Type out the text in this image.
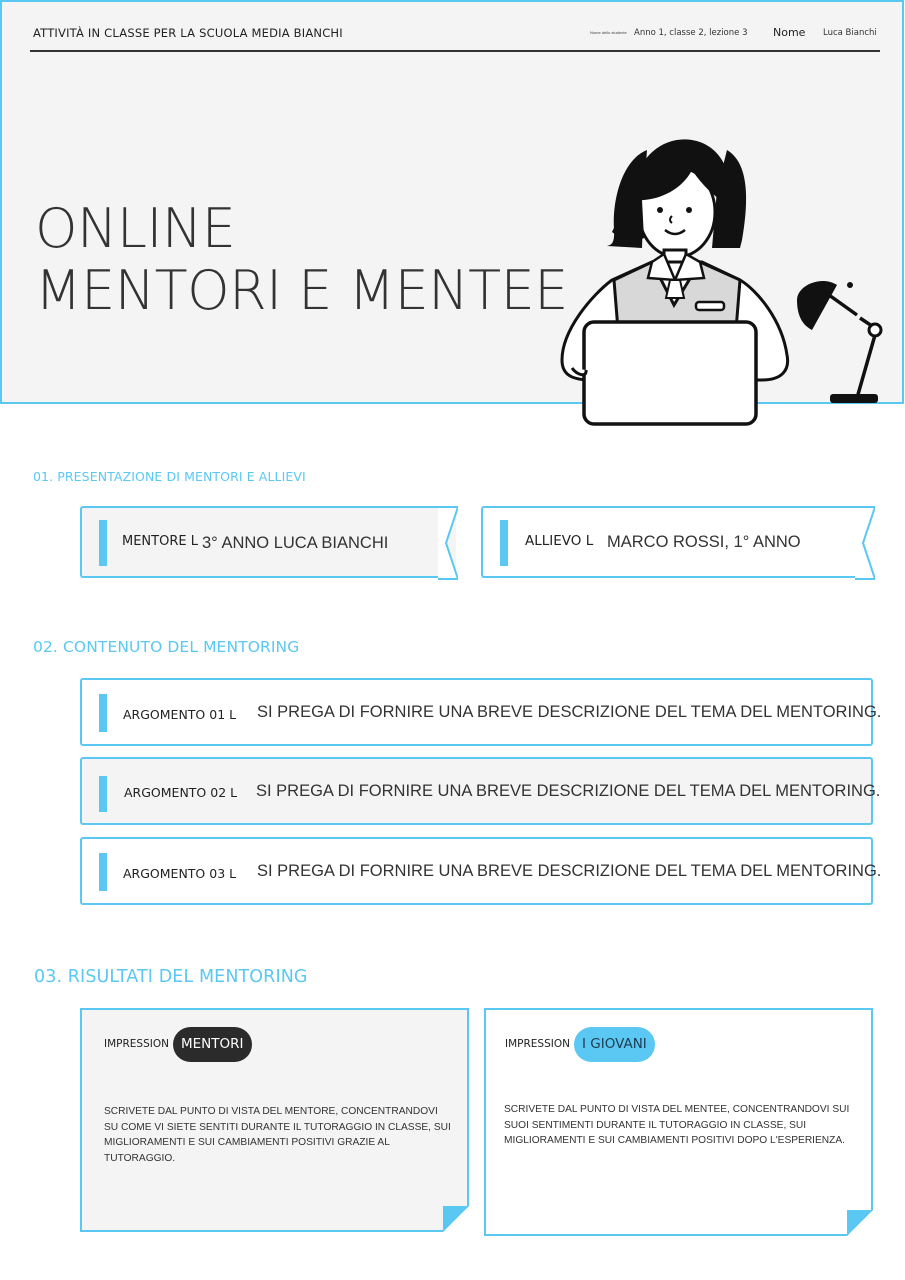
ATTIVITÀ IN CLASSE PER LA SCUOLA MEDIA BIANCHI	Nome dello studente Anno 1, classe 2, lezione 3 Nome Luca Bianchi
ONLINE
MENTORI E MENTEE
01. PRESENTAZIONE DI MENTORI E ALLIEVI
MENTORE L 3° ANNO LUCA BIANCHI	ALLIEVO L MARCO ROSSI, 1° ANNO
02. CONTENUTO DEL MENTORING
ARGOMENTO 01 L SI PREGA DI FORNIRE UNA BREVE DESCRIZIONE DEL TEMA DEL MENTORING.
ARGOMENTO 02 L SI PREGA DI FORNIRE UNA BREVE DESCRIZIONE DEL TEMA DEL MENTORING.
ARGOMENTO 03 L SI PREGA DI FORNIRE UNA BREVE DESCRIZIONE DEL TEMA DEL MENTORING.
03. RISULTATI DEL MENTORING
IMPRESSION MENTORI
SCRIVETE DAL PUNTO DI VISTA DEL MENTORE, CONCENTRANDOVI SU COME VI SIETE SENTITI DURANTE IL TUTORAGGIO IN CLASSE, SUI MIGLIORAMENTI E SUI CAMBIAMENTI POSITIVI GRAZIE AL TUTORAGGIO.
IMPRESSION I GIOVANI
SCRIVETE DAL PUNTO DI VISTA DEL MENTEE, CONCENTRANDOVI SUI SUOI SENTIMENTI DURANTE IL TUTORAGGIO IN CLASSE, SUI MIGLIORAMENTI E SUI CAMBIAMENTI POSITIVI DOPO L'ESPERIENZA.
